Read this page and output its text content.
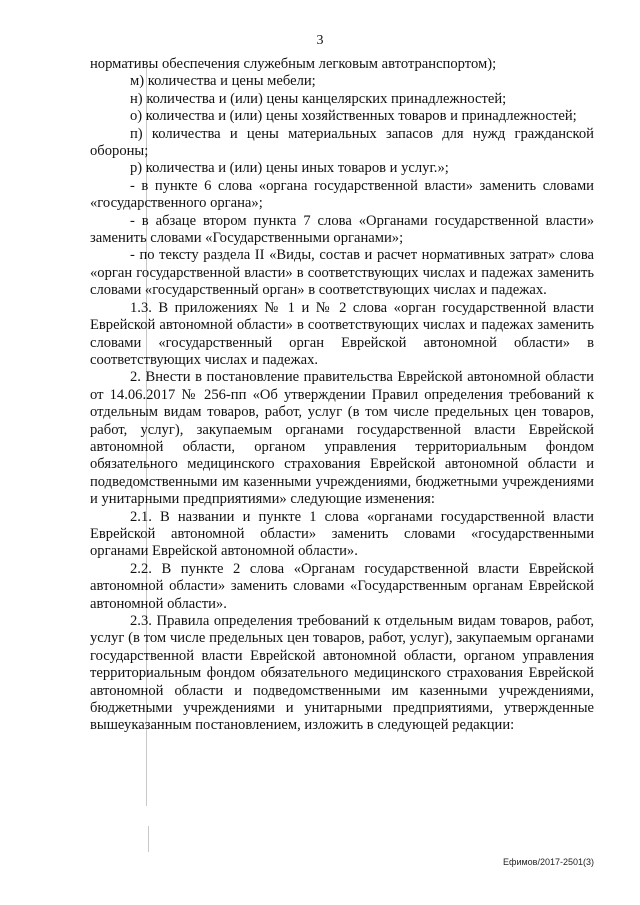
3

нормативы обеспечения служебным легковым автотранспортом);

м) количества и цены мебели;

н) количества и (или) цены канцелярских принадлежностей;

о) количества и (или) цены хозяйственных товаров и принадлежностей;

п) количества и цены материальных запасов для нужд гражданской обороны;

р) количества и (или) цены иных товаров и услуг.»;

- в пункте 6 слова «органа государственной власти» заменить словами «государственного органа»;

- в абзаце втором пункта 7 слова «Органами государственной власти» заменить словами «Государственными органами»;

- по тексту раздела II «Виды, состав и расчет нормативных затрат» слова «орган государственной власти» в соответствующих числах и падежах заменить словами «государственный орган» в соответствующих числах и падежах.

1.3. В приложениях № 1 и № 2 слова «орган государственной власти Еврейской автономной области» в соответствующих числах и падежах заменить словами «государственный орган Еврейской автономной области» в соответствующих числах и падежах.

2. Внести в постановление правительства Еврейской автономной области от 14.06.2017 № 256-пп «Об утверждении Правил определения требований к отдельным видам товаров, работ, услуг (в том числе предельных цен товаров, работ, услуг), закупаемым органами государственной власти Еврейской автономной области, органом управления территориальным фондом обязательного медицинского страхования Еврейской автономной области и подведомственными им казенными учреждениями, бюджетными учреждениями и унитарными предприятиями» следующие изменения:

2.1. В названии и пункте 1 слова «органами государственной власти Еврейской автономной области» заменить словами «государственными органами Еврейской автономной области».

2.2. В пункте 2 слова «Органам государственной власти Еврейской автономной области» заменить словами «Государственным органам Еврейской автономной области».

2.3. Правила определения требований к отдельным видам товаров, работ, услуг (в том числе предельных цен товаров, работ, услуг), закупаемым органами государственной власти Еврейской автономной области, органом управления территориальным фондом обязательного медицинского страхования Еврейской автономной области и подведомственными им казенными учреждениями, бюджетными учреждениями и унитарными предприятиями, утвержденные вышеуказанным постановлением, изложить в следующей редакции:

Ефимов/2017-2501(3)
